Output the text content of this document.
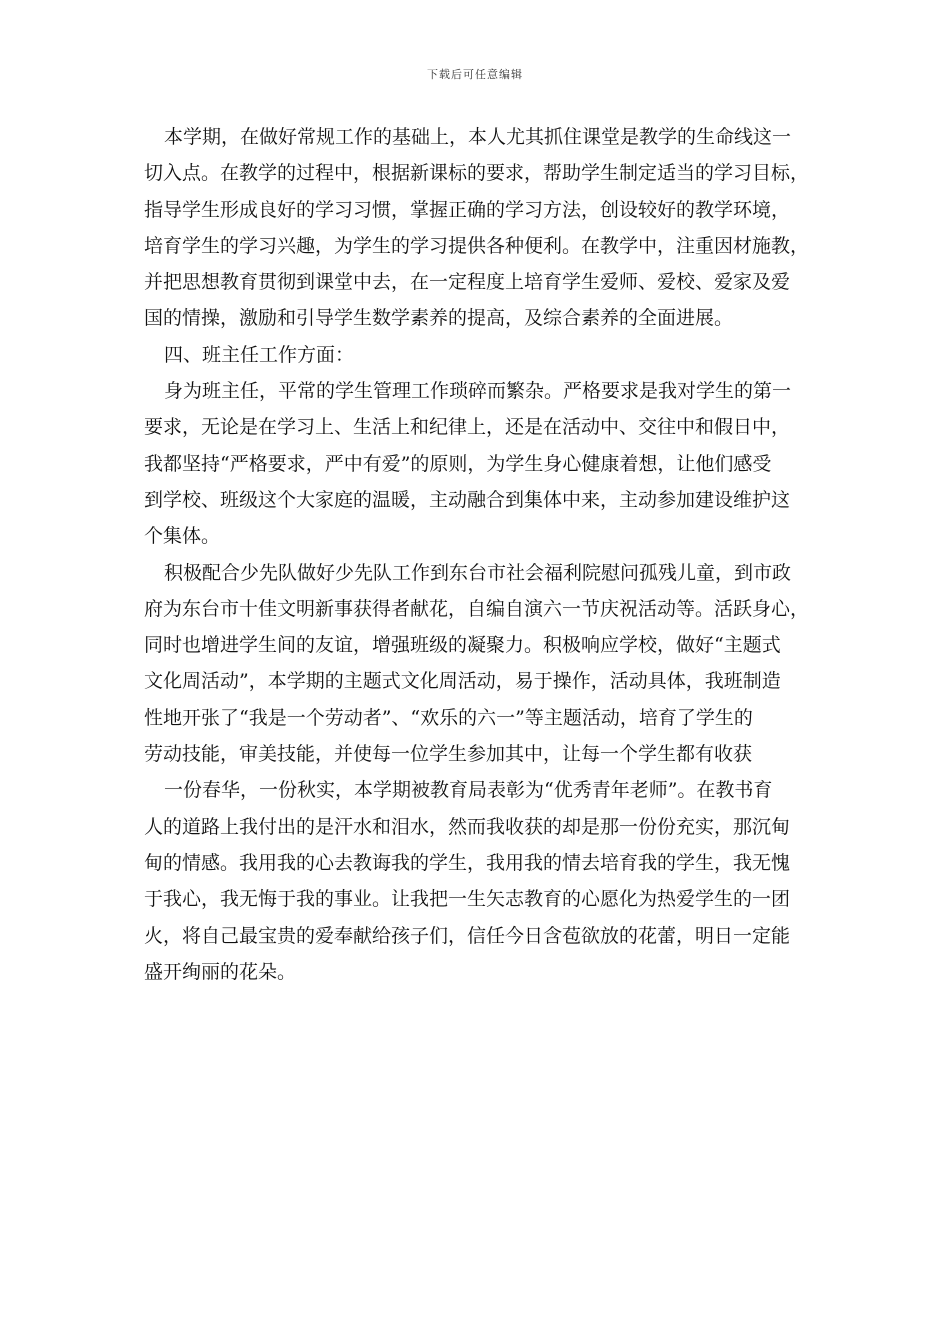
下载后可任意编辑
本学期，在做好常规工作的基础上，本人尤其抓住课堂是教学的生命线这一
切入点。在教学的过程中，根据新课标的要求，帮助学生制定适当的学习目标，
指导学生形成良好的学习习惯，掌握正确的学习方法，创设较好的教学环境，
培育学生的学习兴趣，为学生的学习提供各种便利。在教学中，注重因材施教，
并把思想教育贯彻到课堂中去，在一定程度上培育学生爱师、爱校、爱家及爱
国的情操，激励和引导学生数学素养的提高，及综合素养的全面进展。
四、班主任工作方面：
身为班主任，平常的学生管理工作琐碎而繁杂。严格要求是我对学生的第一
要求，无论是在学习上、生活上和纪律上，还是在活动中、交往中和假日中，
我都坚持“严格要求，严中有爱”的原则，为学生身心健康着想，让他们感受
到学校、班级这个大家庭的温暖，主动融合到集体中来，主动参加建设维护这
个集体。
积极配合少先队做好少先队工作到东台市社会福利院慰问孤残儿童，到市政
府为东台市十佳文明新事获得者献花，自编自演六一节庆祝活动等。活跃身心，
同时也增进学生间的友谊，增强班级的凝聚力。积极响应学校，做好“主题式
文化周活动”，本学期的主题式文化周活动，易于操作，活动具体，我班制造
性地开张了“我是一个劳动者”、“欢乐的六一”等主题活动，培育了学生的
劳动技能，审美技能，并使每一位学生参加其中，让每一个学生都有收获
一份春华，一份秋实，本学期被教育局表彰为“优秀青年老师”。在教书育
人的道路上我付出的是汗水和泪水，然而我收获的却是那一份份充实，那沉甸
甸的情感。我用我的心去教诲我的学生，我用我的情去培育我的学生，我无愧
于我心，我无悔于我的事业。让我把一生矢志教育的心愿化为热爱学生的一团
火，将自己最宝贵的爱奉献给孩子们，信任今日含苞欲放的花蕾，明日一定能
盛开绚丽的花朵。
